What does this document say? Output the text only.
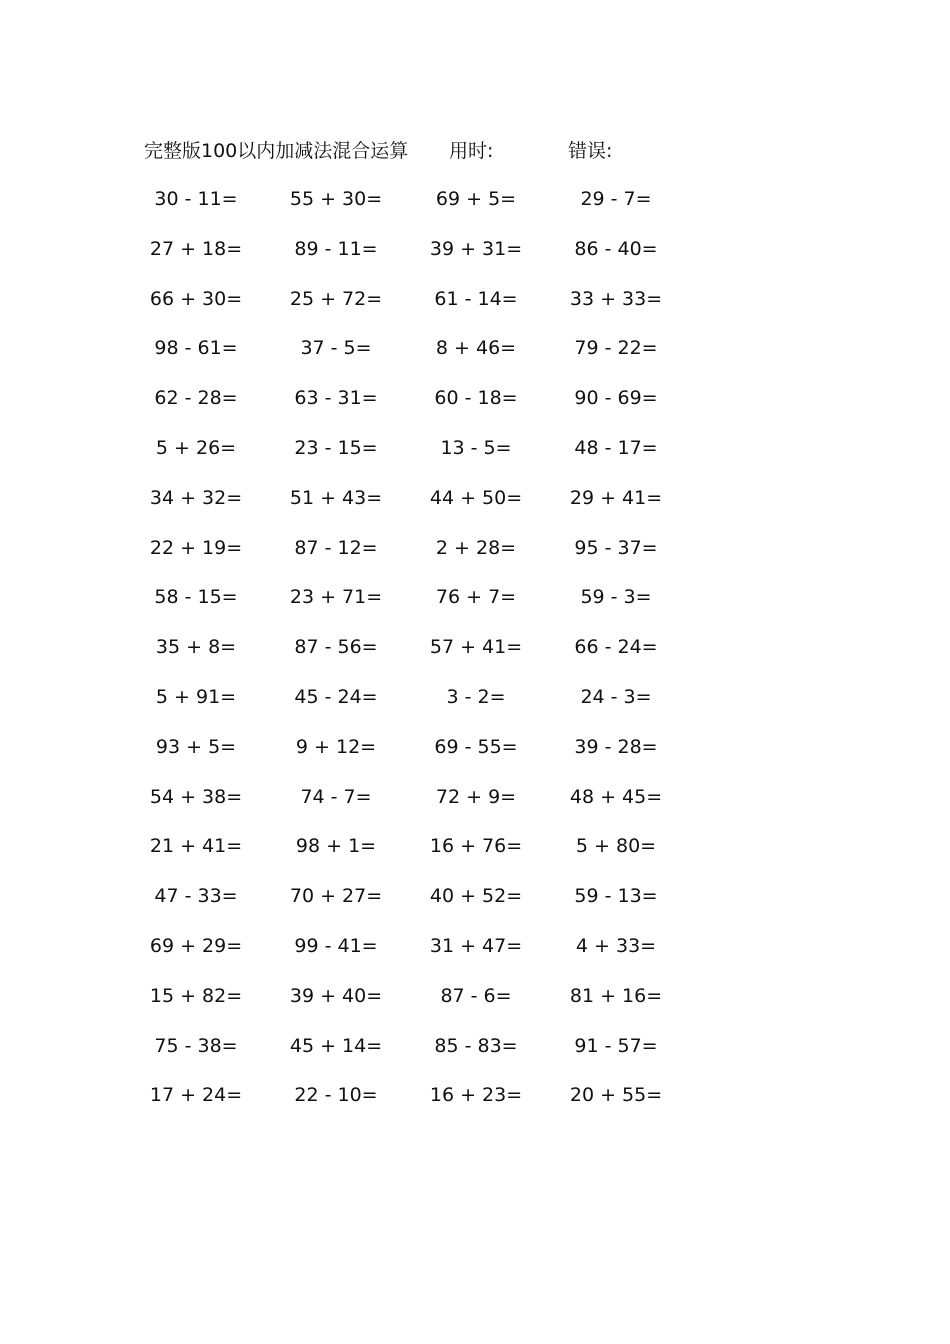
完整版100以内加减法混合运算 用时:	错误:
30 - 11=	55 + 30=	69 + 5=	29 - 7=
27 + 18=	89 - 11=	39 + 31=	86 - 40=
66 + 30=	25 + 72=	61 - 14=	33 + 33=
98 - 61=	37 - 5=	8 + 46=	79 - 22=
62 - 28=	63 - 31=	60 - 18=	90 - 69=
5 + 26=	23 - 15=	13 - 5=	48 - 17=
34 + 32=	51 + 43=	44 + 50=	29 + 41=
22 + 19=	87 - 12=	2 + 28=	95 - 37=
58 - 15=	23 + 71=	76 + 7=	59 - 3=
35 + 8=	87 - 56=	57 + 41=	66 - 24=
5 + 91=	45 - 24=	3 - 2=	24 - 3=
93 + 5=	9 + 12=	69 - 55=	39 - 28=
54 + 38=	74 - 7=	72 + 9=	48 + 45=
21 + 41=	98 + 1=	16 + 76=	5 + 80=
47 - 33=	70 + 27=	40 + 52=	59 - 13=
69 + 29=	99 - 41=	31 + 47=	4 + 33=
15 + 82=	39 + 40=	87 - 6=	81 + 16=
75 - 38=	45 + 14=	85 - 83=	91 - 57=
17 + 24=	22 - 10=	16 + 23=	20 + 55=
